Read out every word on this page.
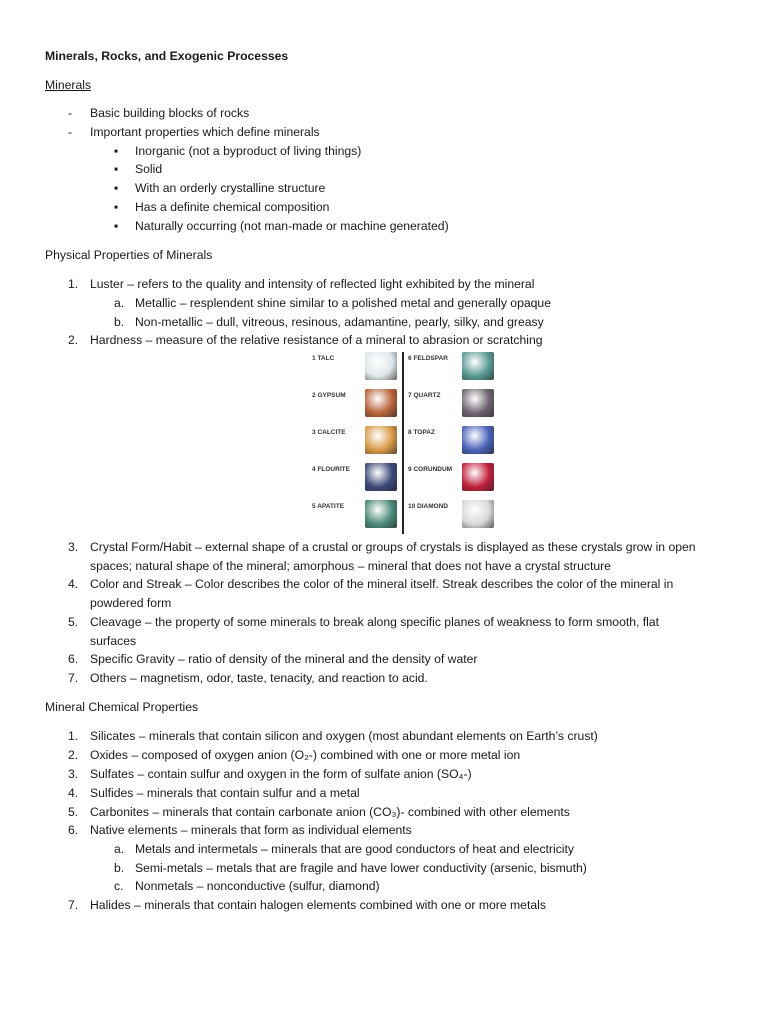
Minerals, Rocks, and Exogenic Processes
Minerals
- Basic building blocks of rocks
- Important properties which define minerals
▪ Inorganic (not a byproduct of living things)
▪ Solid
▪ With an orderly crystalline structure
▪ Has a definite chemical composition
▪ Naturally occurring (not man-made or machine generated)
Physical Properties of Minerals
1. Luster – refers to the quality and intensity of reflected light exhibited by the mineral
a. Metallic – resplendent shine similar to a polished metal and generally opaque
b. Non-metallic – dull, vitreous, resinous, adamantine, pearly, silky, and greasy
2. Hardness – measure of the relative resistance of a mineral to abrasion or scratching
1 TALC
2 GYPSUM
3 CALCITE
4 FLOURITE
5 APATITE
6 FELDSPAR
7 QUARTZ
8 TOPAZ
9 CORUNDUM
10 DIAMOND
3. Crystal Form/Habit – external shape of a crustal or groups of crystals is displayed as these crystals grow in open
spaces; natural shape of the mineral; amorphous – mineral that does not have a crystal structure
4. Color and Streak – Color describes the color of the mineral itself. Streak describes the color of the mineral in
powdered form
5. Cleavage – the property of some minerals to break along specific planes of weakness to form smooth, flat
surfaces
6. Specific Gravity – ratio of density of the mineral and the density of water
7. Others – magnetism, odor, taste, tenacity, and reaction to acid.
Mineral Chemical Properties
1. Silicates – minerals that contain silicon and oxygen (most abundant elements on Earth’s crust)
2. Oxides – composed of oxygen anion (O₂-) combined with one or more metal ion
3. Sulfates – contain sulfur and oxygen in the form of sulfate anion (SO₄-)
4. Sulfides – minerals that contain sulfur and a metal
5. Carbonites – minerals that contain carbonate anion (CO₃)- combined with other elements
6. Native elements – minerals that form as individual elements
a. Metals and intermetals – minerals that are good conductors of heat and electricity
b. Semi-metals – metals that are fragile and have lower conductivity (arsenic, bismuth)
c. Nonmetals – nonconductive (sulfur, diamond)
7. Halides – minerals that contain halogen elements combined with one or more metals
